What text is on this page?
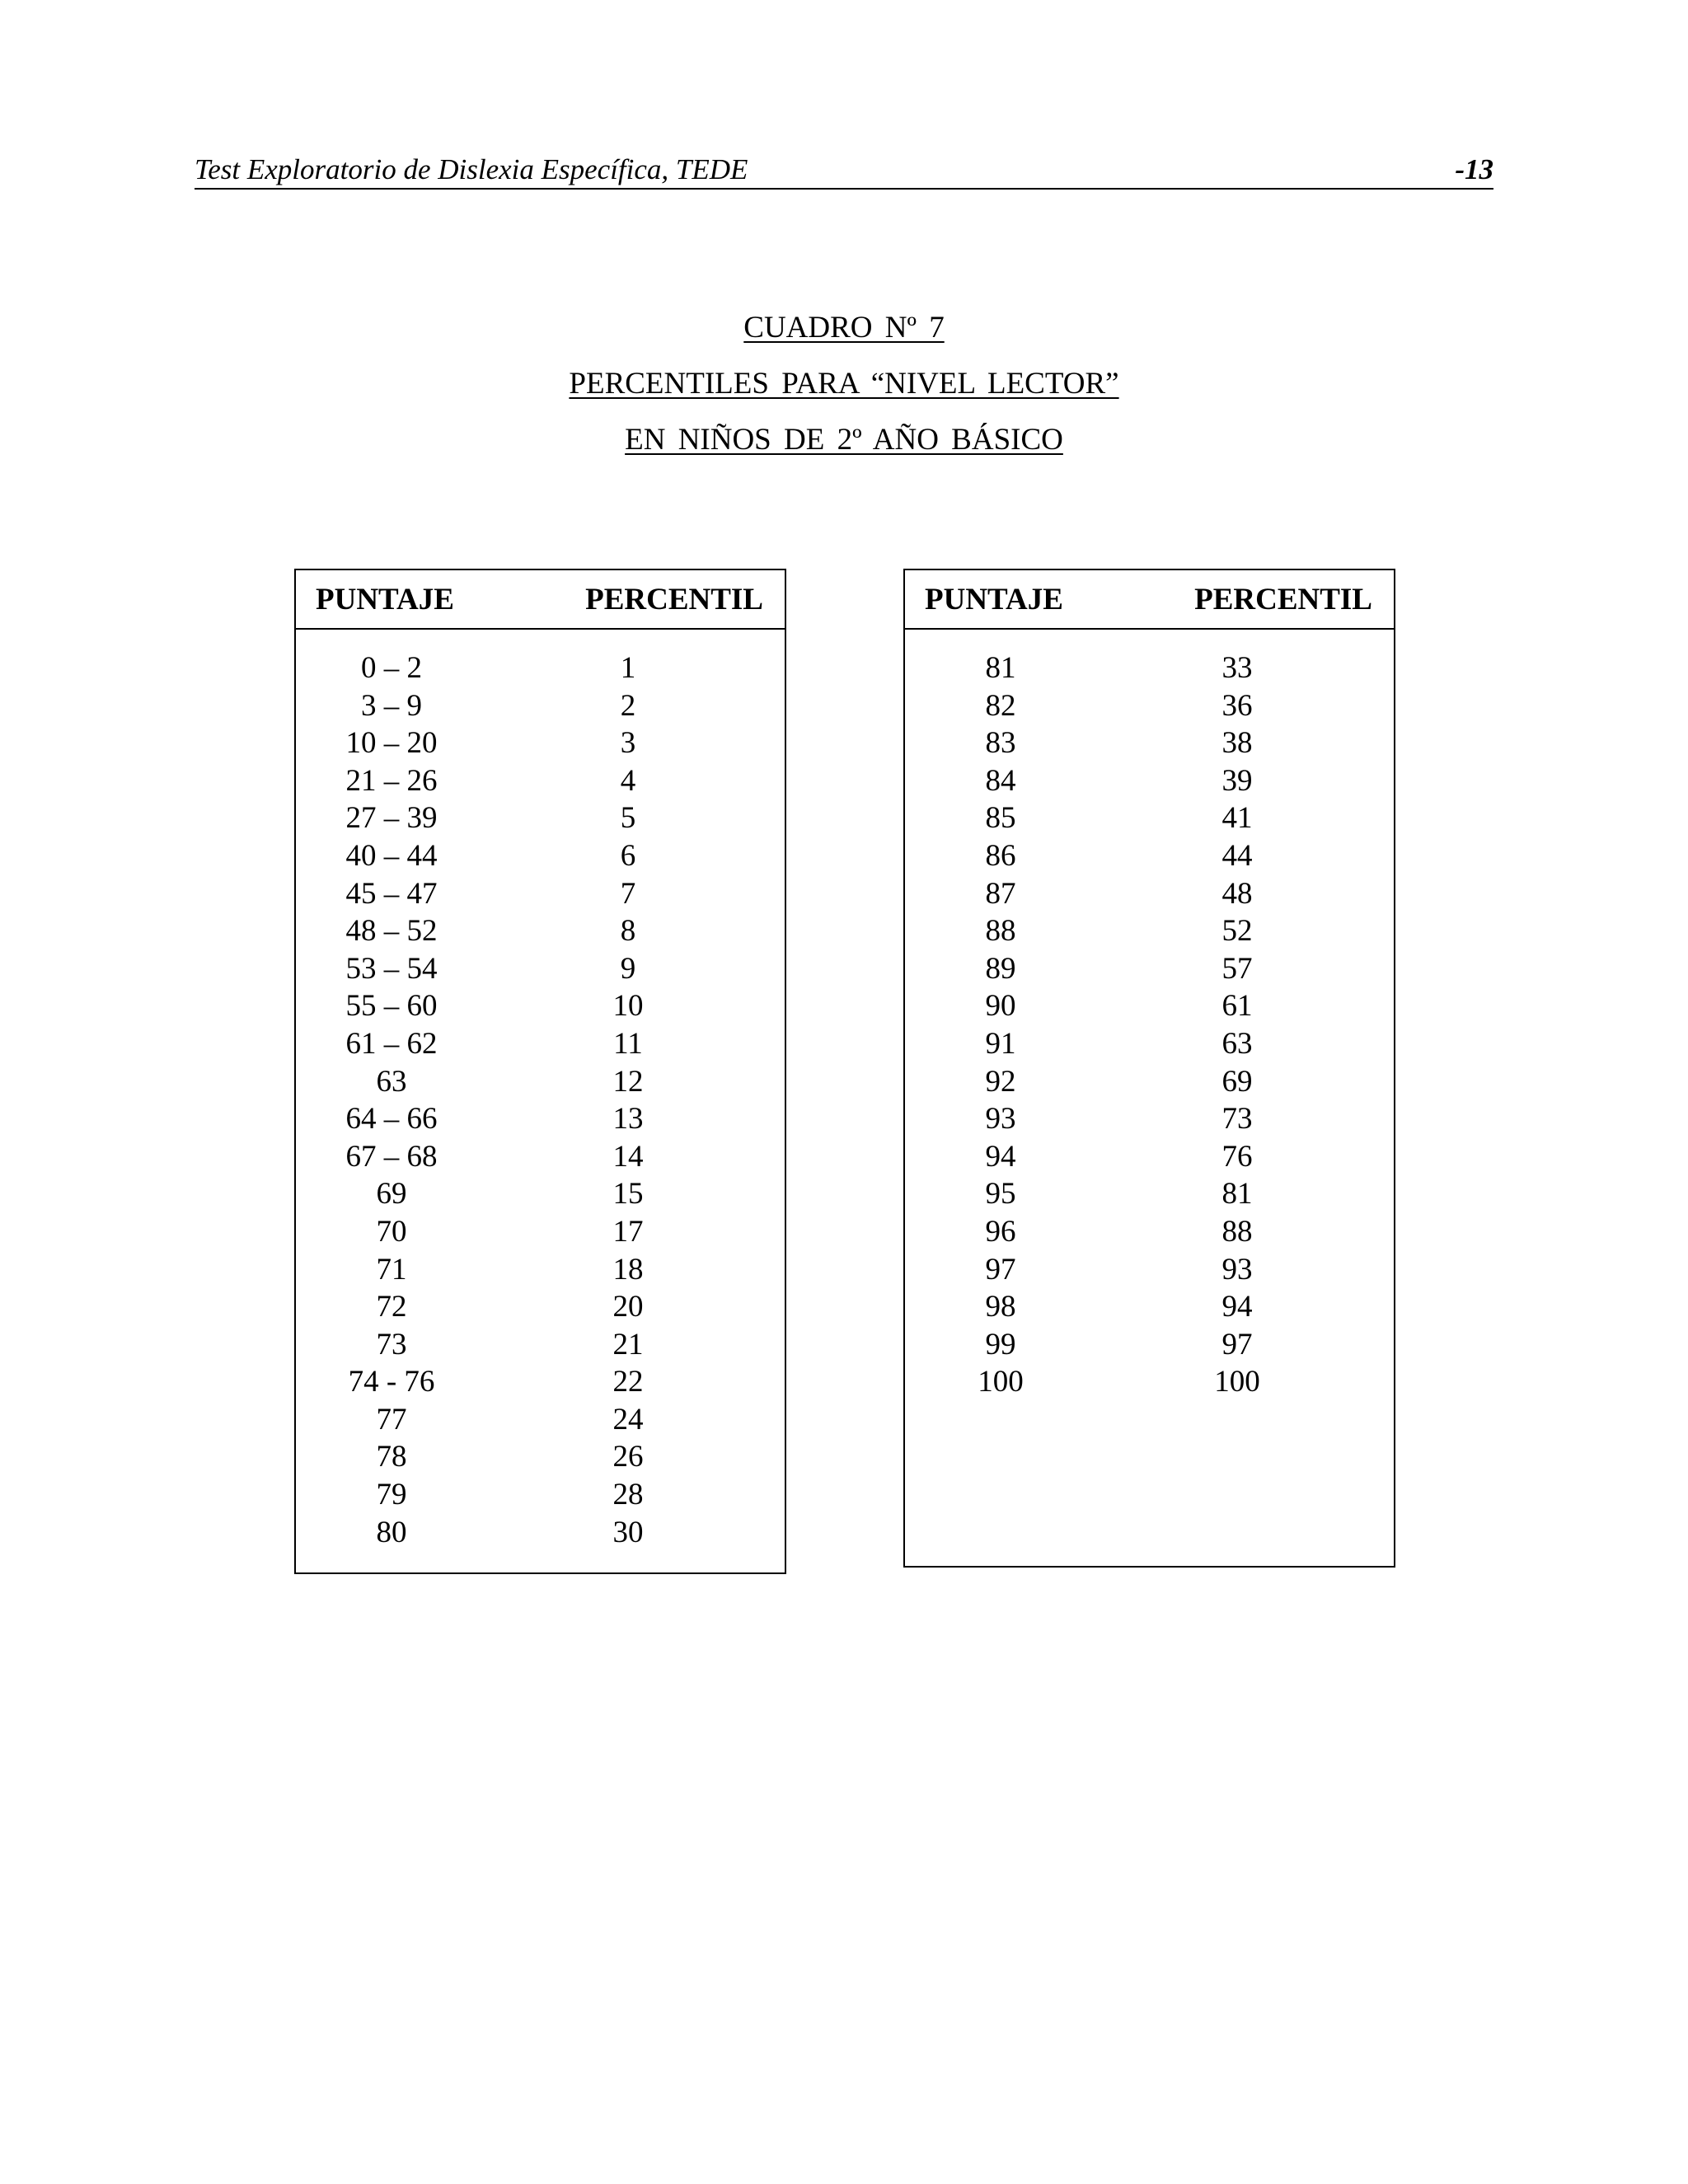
Test Exploratorio de Dislexia Específica, TEDE	-13
CUADRO Nº 7
PERCENTILES PARA “NIVEL LECTOR”
EN NIÑOS DE 2º AÑO BÁSICO
PUNTAJE	PERCENTIL
0 – 2	1
3 – 9	2
10 – 20	3
21 – 26	4
27 – 39	5
40 – 44	6
45 – 47	7
48 – 52	8
53 – 54	9
55 – 60	10
61 – 62	11
63	12
64 – 66	13
67 – 68	14
69	15
70	17
71	18
72	20
73	21
74 - 76	22
77	24
78	26
79	28
80	30
PUNTAJE	PERCENTIL
81	33
82	36
83	38
84	39
85	41
86	44
87	48
88	52
89	57
90	61
91	63
92	69
93	73
94	76
95	81
96	88
97	93
98	94
99	97
100	100
